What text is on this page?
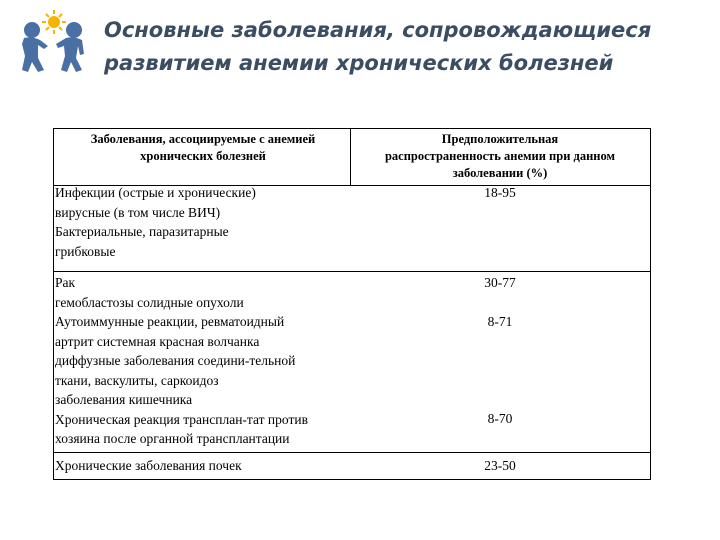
Основные заболевания, сопровождающиеся
развитием анемии хронических болезней
Заболевания, ассоциируемые с анемией
хронических болезней
Предположительная
распространенность анемии при данном
заболевании (%)
Инфекции (острые и хронические)
вирусные (в том числе ВИЧ)
Бактериальные, паразитарные
грибковые
18-95
Рак
гемобластозы солидные опухоли
Аутоиммунные реакции, ревматоидный
артрит системная красная волчанка
диффузные заболевания соедини-тельной
ткани, васкулиты, саркоидоз
заболевания кишечника
Хроническая реакция трансплан-тат против
хозяина после органной трансплантации
30-77
8-71
8-70
Хронические заболевания почек	23-50
